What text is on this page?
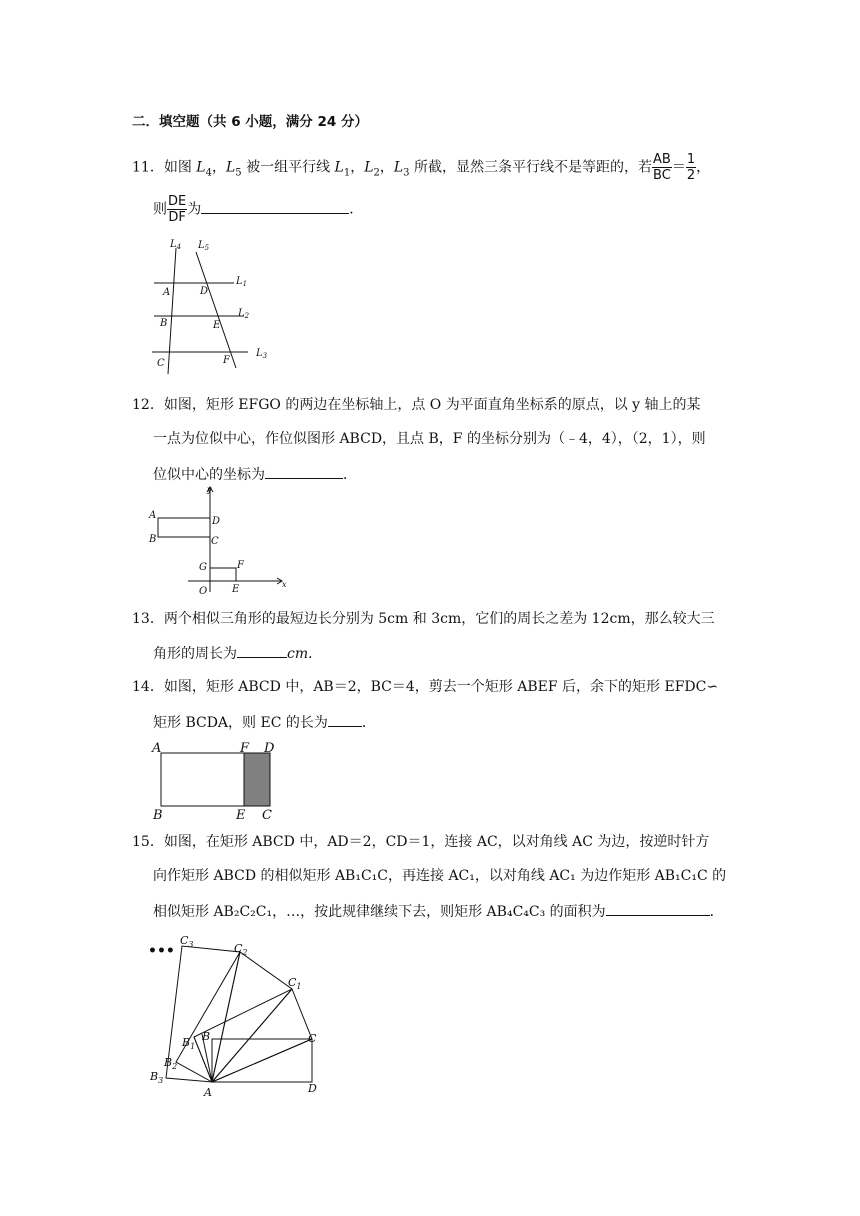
二．填空题（共 6 小题，满分 24 分）
11．如图 $L_4$，$L_5$ 被一组平行线 $L_1$，$L_2$，$L_3$ 所截，显然三条平行线不是等距的，若 $\frac{AB}{BC} = \frac{1}{2}$ ，
则 $\frac{DE}{DF}$ 为	．
$L_4$ $L_5$
$L_1$
$L_2$
$L_3$
A	D
B	E
C	F
12．如图，矩形 EFGO 的两边在坐标轴上，点 O 为平面直角坐标系的原点，以 y 轴上的某
一点为位似中心，作位似图形 ABCD，且点 B，F 的坐标分别为（﹣4，4），（2，1），则
位似中心的坐标为	．
y
x
A
D
B	C
G	F
O E
13．两个相似三角形的最短边长分别为 5cm 和 3cm，它们的周长之差为 12cm，那么较大三
角形的周长为	cm．
14．如图，矩形 ABCD 中，AB＝2，BC＝4，剪去一个矩形 ABEF 后，余下的矩形 EFDC∽
矩形 BCDA，则 EC 的长为 ．
A	F D
B	E C
15．如图，在矩形 ABCD 中，AD＝2，CD＝1，连接 AC，以对角线 AC 为边，按逆时针方
向作矩形 ABCD 的相似矩形 AB₁C₁C，再连接 AC₁，以对角线 AC₁ 为边作矩形 AB₁C₁C 的
相似矩形 AB₂C₂C₁，…，按此规律继续下去，则矩形 AB₄C₄C₃ 的面积为	．
•••
$C_3$	$C_2$
$C_1$
$B_1$
B	C
$B_2$
$B_3$
A	D
